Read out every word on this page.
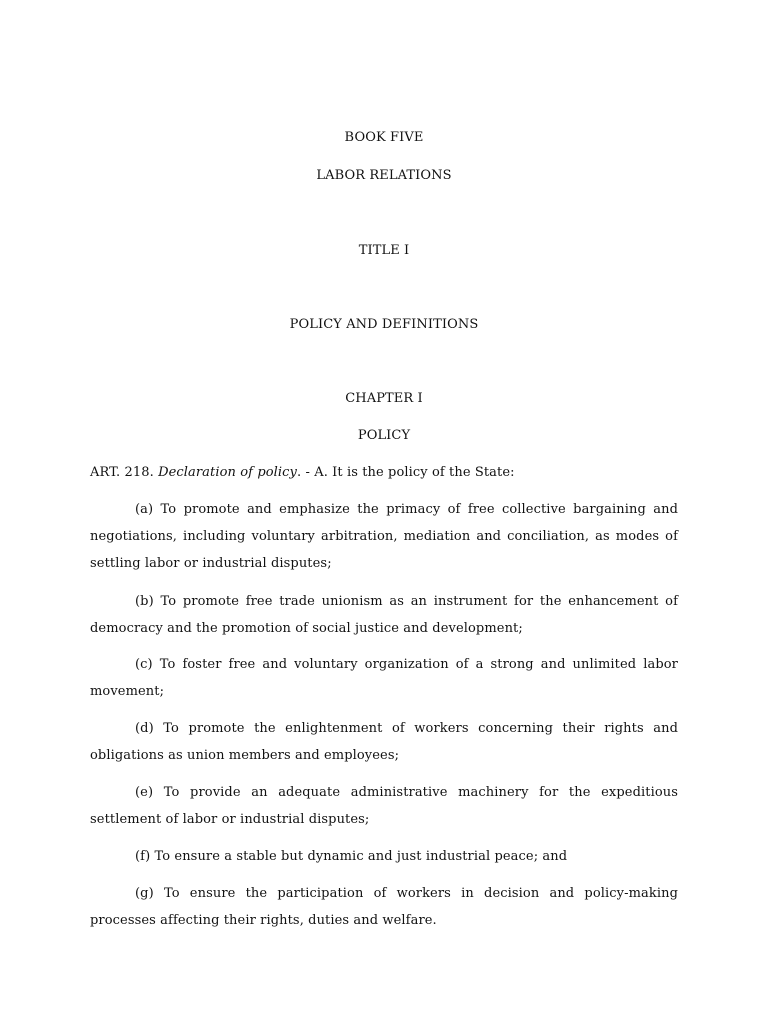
BOOK FIVE
LABOR RELATIONS
TITLE I
POLICY AND DEFINITIONS
CHAPTER I
POLICY
ART. 218. Declaration of policy. - A. It is the policy of the State:

(a) To promote and emphasize the primacy of free collective bargaining and negotiations, including voluntary arbitration, mediation and conciliation, as modes of settling labor or industrial disputes;

(b) To promote free trade unionism as an instrument for the enhancement of democracy and the promotion of social justice and development;

(c) To foster free and voluntary organization of a strong and unlimited labor movement;

(d) To promote the enlightenment of workers concerning their rights and obligations as union members and employees;

(e) To provide an adequate administrative machinery for the expeditious settlement of labor or industrial disputes;

(f) To ensure a stable but dynamic and just industrial peace; and

(g) To ensure the participation of workers in decision and policy-making processes affecting their rights, duties and welfare.
